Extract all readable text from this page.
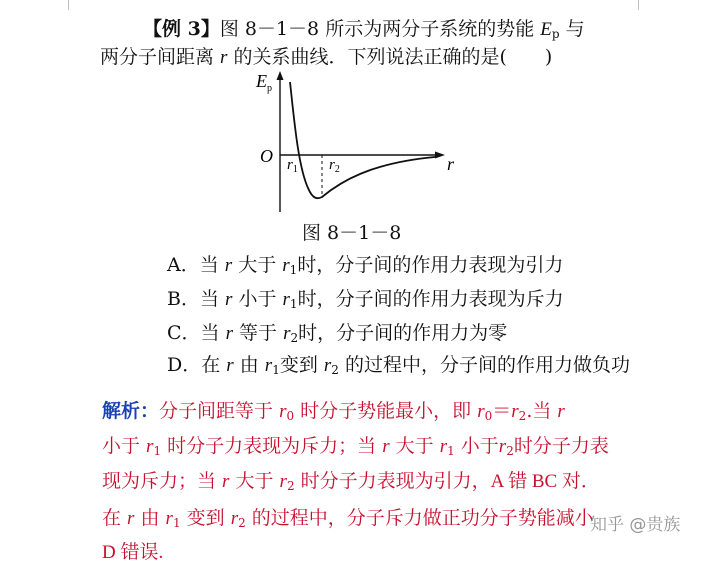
【例 3】图 8－1－8 所示为两分子系统的势能 $E_p$ 与
两分子间距离 r 的关系曲线．下列说法正确的是(　　)
$E_p$
O	r
$r_1$ $r_2$
图 8－1－8
A．当 r 大于 $r_1$时，分子间的作用力表现为引力
B．当 r 小于 $r_1$时，分子间的作用力表现为斥力
C．当 r 等于 $r_2$时，分子间的作用力为零
D．在 r 由 $r_1$变到 $r_2$ 的过程中，分子间的作用力做负功
解析：分子间距等于 $r_0$ 时分子势能最小，即 $r_0=r_2$.当 r
小于 $r_1$ 时分子力表现为斥力；当 r 大于 $r_1$ 小于$r_2$时分子力表
现为斥力；当 r 大于 $r_2$ 时分子力表现为引力，A 错 BC 对．
在 r 由 $r_1$ 变到 $r_2$ 的过程中，分子斥力做正功分子势能减小
D 错误.
知乎 @贵族
